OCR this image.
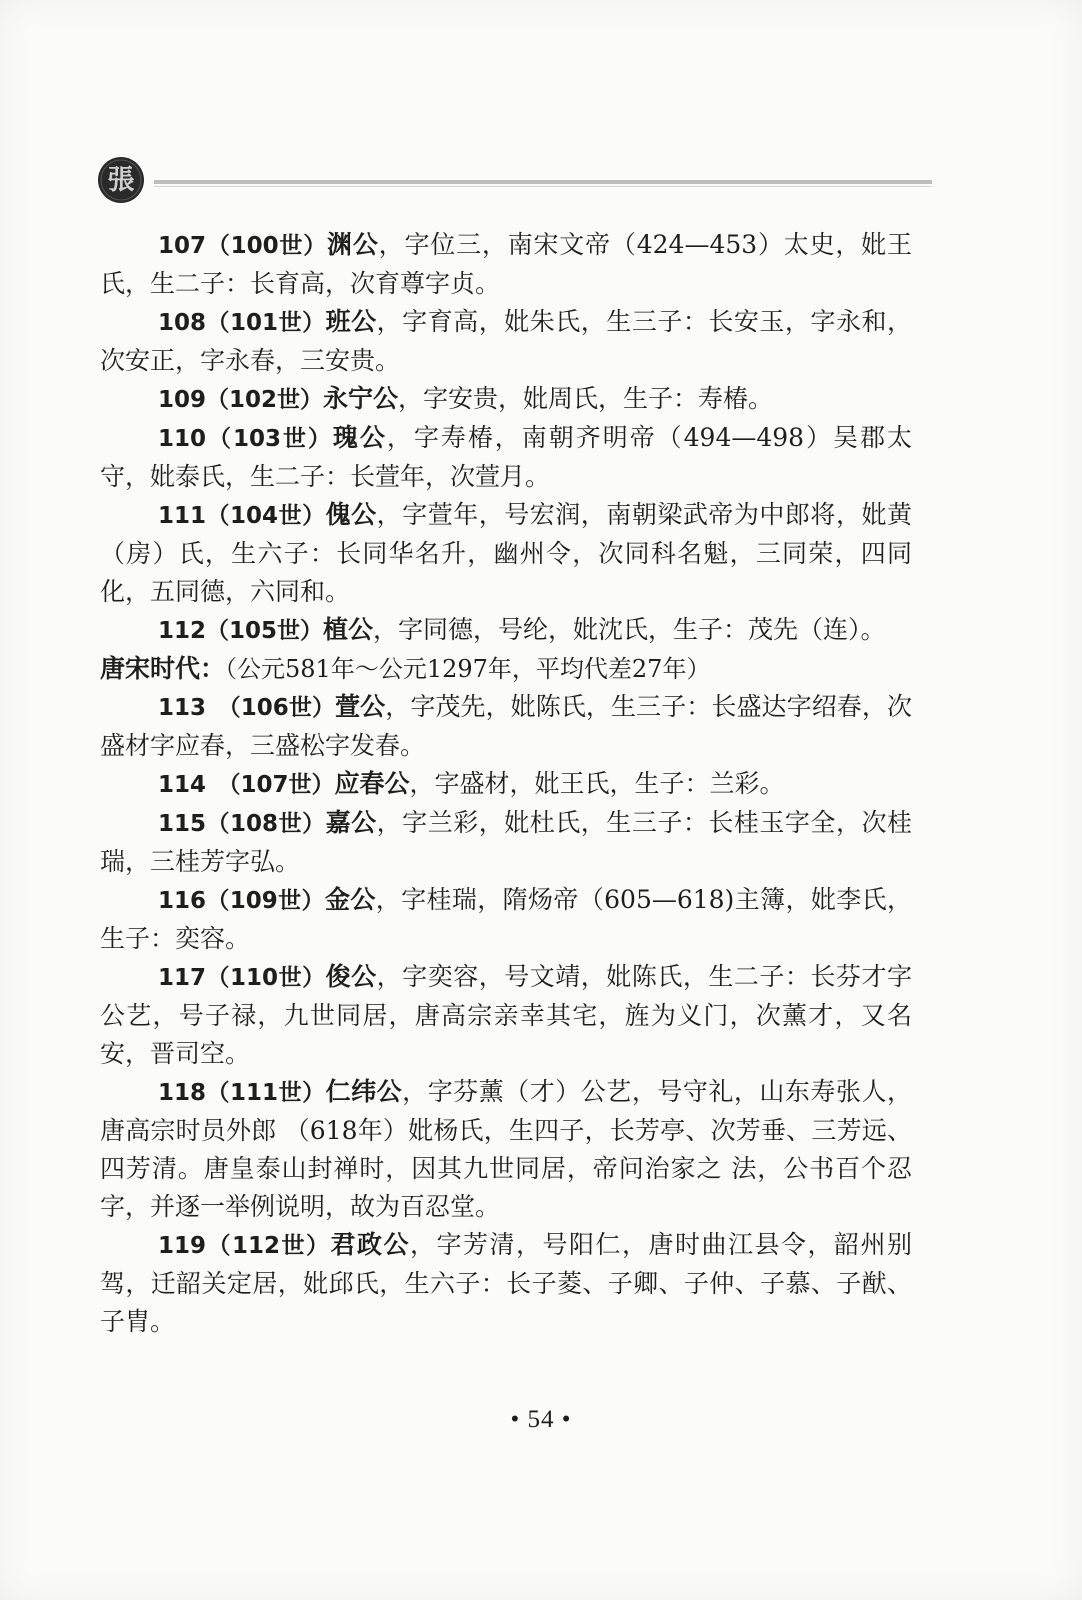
張

107（100世）渊公，字位三，南宋文帝（424—453）太史，妣王氏，生二子：长育高，次育尊字贞。

108（101世）班公，字育高，妣朱氏，生三子：长安玉，字永和，次安正，字永春，三安贵。

109（102世）永宁公，字安贵，妣周氏，生子：寿椿。

110（103世）瑰公，字寿椿，南朝齐明帝（494—498）吴郡太守，妣泰氏，生二子：长萱年，次萱月。

111（104世）傀公，字萱年，号宏润，南朝梁武帝为中郎将，妣黄（房）氏，生六子：长同华名升，幽州令，次同科名魁，三同荣，四同化，五同德，六同和。

112（105世）植公，字同德，号纶，妣沈氏，生子：茂先（连）。

唐宋时代：（公元581年～公元1297年，平均代差27年）

113　（106世）萱公，字茂先，妣陈氏，生三子：长盛达字绍春，次盛材字应春，三盛松字发春。

114　（107世）应春公，字盛材，妣王氏，生子：兰彩。

115（108世）嘉公，字兰彩，妣杜氏，生三子：长桂玉字全，次桂瑞，三桂芳字弘。

116（109世）金公，字桂瑞，隋炀帝（605—618)主簿，妣李氏，生子：奕容。

117（110世）俊公，字奕容，号文靖，妣陈氏，生二子：长芬才字公艺，号子禄，九世同居，唐高宗亲幸其宅，旌为义门，次薰才，又名安，晋司空。

118（111世）仁纬公，字芬薰（才）公艺，号守礼，山东寿张人，唐高宗时员外郎 （618年）妣杨氏，生四子，长芳亭、次芳垂、三芳远、四芳清。唐皇泰山封禅时，因其九世同居，帝问治家之 法，公书百个忍字，并逐一举例说明，故为百忍堂。

119（112世）君政公，字芳清，号阳仁，唐时曲江县令，韶州别驾，迁韶关定居，妣邱氏，生六子：长子菱、子卿、子仲、子慕、子猷、子胄。

• 54 •
